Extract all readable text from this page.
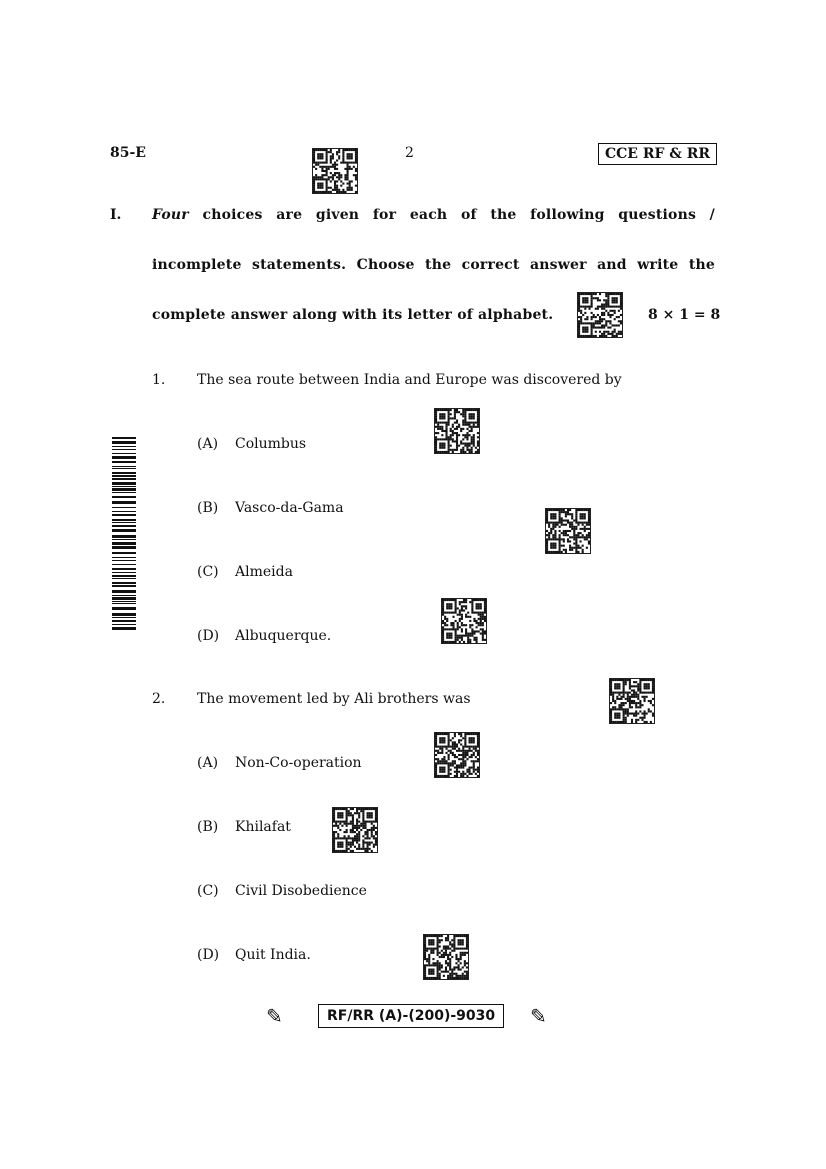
85-E	2	CCE RF & RR
I. Four choices are given for each of the following questions /
incomplete statements. Choose the correct answer and write the
complete answer along with its letter of alphabet.	8 × 1 = 8
1. The sea route between India and Europe was discovered by
(A) Columbus
(B) Vasco-da-Gama
(C) Almeida
(D) Albuquerque.
2. The movement led by Ali brothers was
(A) Non-Co-operation
(B) Khilafat
(C) Civil Disobedience
(D) Quit India.
✎	RF/RR (A)-(200)-9030	✎
